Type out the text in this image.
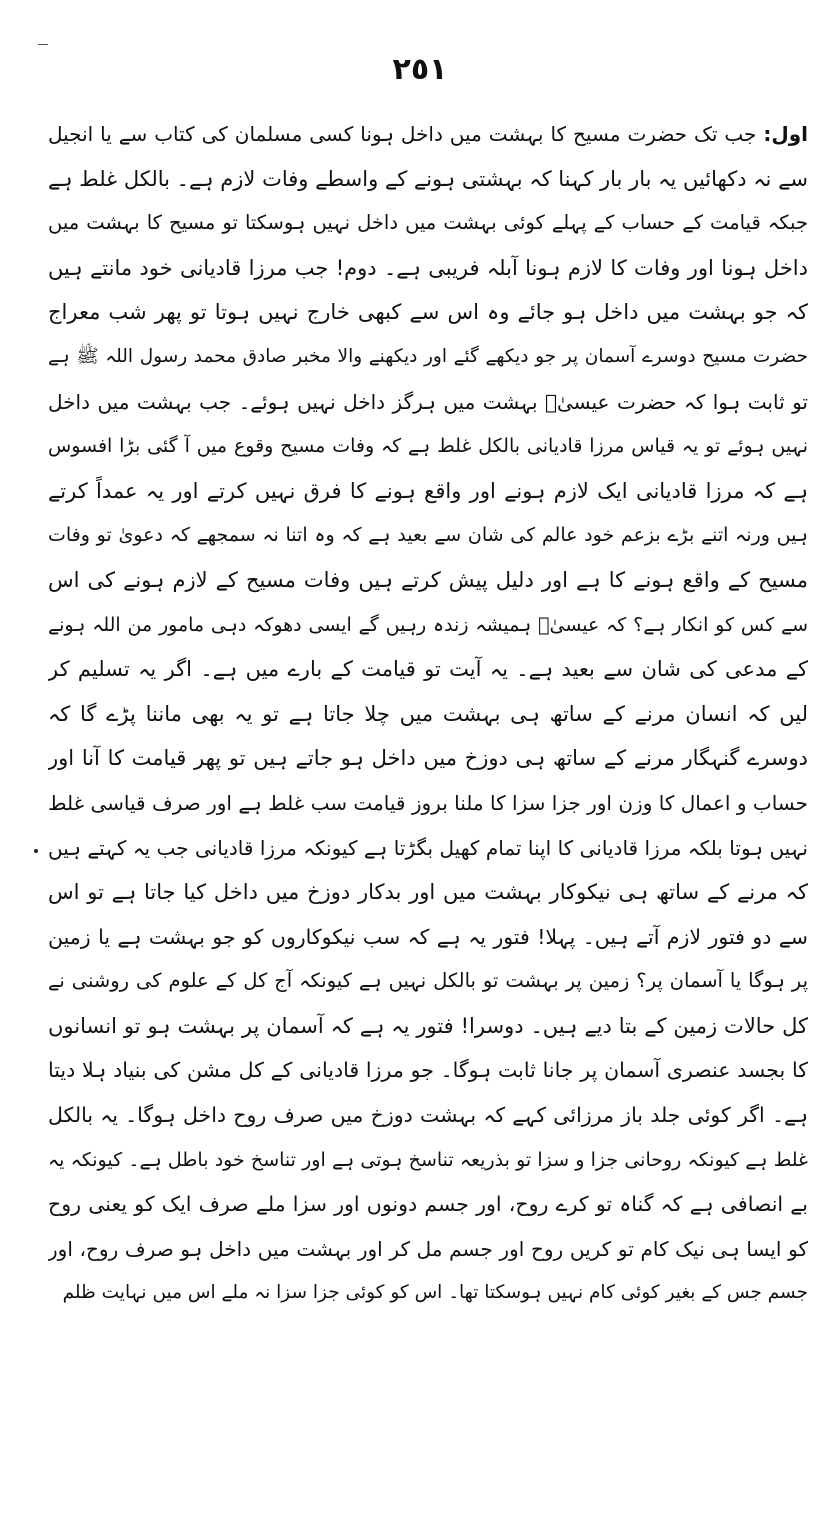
٢٥١
اول: جب تک حضرت مسیح کا بہشت میں داخل ہونا کسی مسلمان کی کتاب سے یا انجیل
سے نہ دکھائیں یہ بار بار کہنا کہ بہشتی ہونے کے واسطے وفات لازم ہے۔ بالکل غلط ہے
جبکہ قیامت کے حساب کے پہلے کوئی بہشت میں داخل نہیں ہوسکتا تو مسیح کا بہشت میں
داخل ہونا اور وفات کا لازم ہونا آبلہ فریبی ہے۔ دوم! جب مرزا قادیانی خود مانتے ہیں
کہ جو بہشت میں داخل ہو جائے وہ اس سے کبھی خارج نہیں ہوتا تو پھر شب معراج
حضرت مسیح دوسرے آسمان پر جو دیکھے گئے اور دیکھنے والا مخبر صادق محمد رسول اللہ ﷺ ہے
تو ثابت ہوا کہ حضرت عیسیٰؑ بہشت میں ہرگز داخل نہیں ہوئے۔ جب بہشت میں داخل
نہیں ہوئے تو یہ قیاس مرزا قادیانی بالکل غلط ہے کہ وفات مسیح وقوع میں آ گئی بڑا افسوس
ہے کہ مرزا قادیانی ایک لازم ہونے اور واقع ہونے کا فرق نہیں کرتے اور یہ عمداً کرتے
ہیں ورنہ اتنے بڑے بزعم خود عالم کی شان سے بعید ہے کہ وہ اتنا نہ سمجھے کہ دعویٰ تو وفات
مسیح کے واقع ہونے کا ہے اور دلیل پیش کرتے ہیں وفات مسیح کے لازم ہونے کی اس
سے کس کو انکار ہے؟ کہ عیسیٰؑ ہمیشہ زندہ رہیں گے ایسی دھوکہ دہی مامور من اللہ ہونے
کے مدعی کی شان سے بعید ہے۔ یہ آیت تو قیامت کے بارے میں ہے۔ اگر یہ تسلیم کر
لیں کہ انسان مرنے کے ساتھ ہی بہشت میں چلا جاتا ہے تو یہ بھی ماننا پڑے گا کہ
دوسرے گنہگار مرنے کے ساتھ ہی دوزخ میں داخل ہو جاتے ہیں تو پھر قیامت کا آنا اور
حساب و اعمال کا وزن اور جزا سزا کا ملنا بروز قیامت سب غلط ہے اور صرف قیاسی غلط
نہیں ہوتا بلکہ مرزا قادیانی کا اپنا تمام کھیل بگڑتا ہے کیونکہ مرزا قادیانی جب یہ کہتے ہیں
کہ مرنے کے ساتھ ہی نیکوکار بہشت میں اور بدکار دوزخ میں داخل کیا جاتا ہے تو اس
سے دو فتور لازم آتے ہیں۔ پہلا! فتور یہ ہے کہ سب نیکوکاروں کو جو بہشت ہے یا زمین
پر ہوگا یا آسمان پر؟ زمین پر بہشت تو بالکل نہیں ہے کیونکہ آج کل کے علوم کی روشنی نے
کل حالات زمین کے بتا دیے ہیں۔ دوسرا! فتور یہ ہے کہ آسمان پر بہشت ہو تو انسانوں
کا بجسد عنصری آسمان پر جانا ثابت ہوگا۔ جو مرزا قادیانی کے کل مشن کی بنیاد ہلا دیتا
ہے۔ اگر کوئی جلد باز مرزائی کہے کہ بہشت دوزخ میں صرف روح داخل ہوگا۔ یہ بالکل
غلط ہے کیونکہ روحانی جزا و سزا تو بذریعہ تناسخ ہوتی ہے اور تناسخ خود باطل ہے۔ کیونکہ یہ
بے انصافی ہے کہ گناہ تو کرے روح، اور جسم دونوں اور سزا ملے صرف ایک کو یعنی روح
کو ایسا ہی نیک کام تو کریں روح اور جسم مل کر اور بہشت میں داخل ہو صرف روح، اور
جسم جس کے بغیر کوئی کام نہیں ہوسکتا تھا۔ اس کو کوئی جزا سزا نہ ملے اس میں نہایت ظلم
